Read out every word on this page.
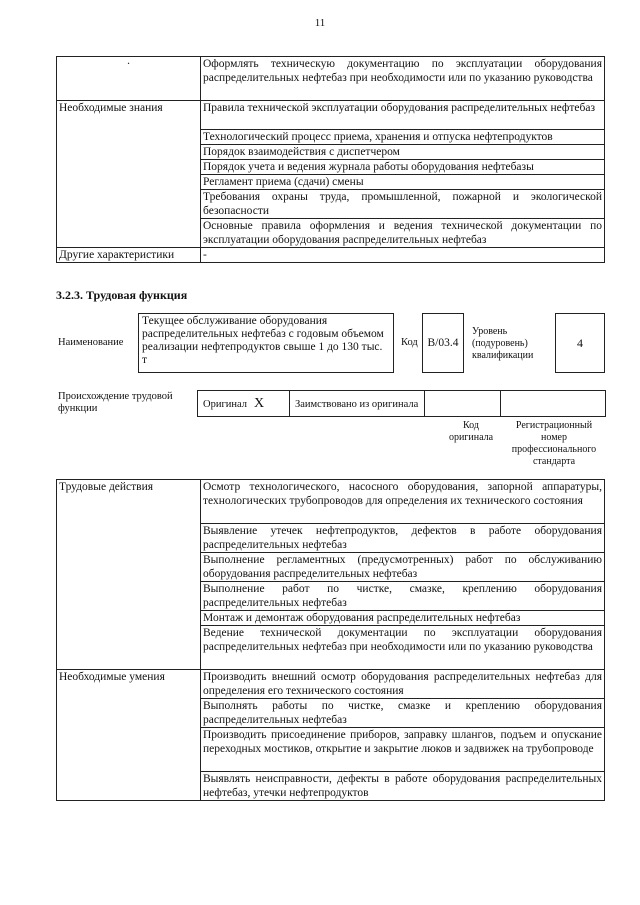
11
·	Оформлять техническую документацию по эксплуатации оборудования распределительных нефтебаз при необходимости или по указанию руководства
Необходимые знания	Правила технической эксплуатации оборудования распределительных нефтебаз
	Технологический процесс приема, хранения и отпуска нефтепродуктов
	Порядок взаимодействия с диспетчером
	Порядок учета и ведения журнала работы оборудования нефтебазы
	Регламент приема (сдачи) смены
	Требования охраны труда, промышленной, пожарной и экологической безопасности
	Основные правила оформления и ведения технической документации по эксплуатации оборудования распределительных нефтебаз
Другие характеристики	-
3.2.3. Трудовая функция
Наименование
Текущее обслуживание оборудования распределительных нефтебаз с годовым объемом реализации нефтепродуктов свыше 1 до 130 тыс. т
Код В/03.4
Уровень (подуровень) квалификации
4
Происхождение трудовой функции	Оригинал X	Заимствовано из оригинала
Код оригинала
Регистрационный номер профессионального стандарта
Трудовые действия	Осмотр технологического, насосного оборудования, запорной аппаратуры, технологических трубопроводов для определения их технического состояния
	Выявление утечек нефтепродуктов, дефектов в работе оборудования распределительных нефтебаз
	Выполнение регламентных (предусмотренных) работ по обслуживанию оборудования распределительных нефтебаз
	Выполнение работ по чистке, смазке, креплению оборудования распределительных нефтебаз
	Монтаж и демонтаж оборудования распределительных нефтебаз
	Ведение технической документации по эксплуатации оборудования распределительных нефтебаз при необходимости или по указанию руководства
Необходимые умения	Производить внешний осмотр оборудования распределительных нефтебаз для определения его технического состояния
	Выполнять работы по чистке, смазке и креплению оборудования распределительных нефтебаз
	Производить присоединение приборов, заправку шлангов, подъем и опускание переходных мостиков, открытие и закрытие люков и задвижек на трубопроводе
	Выявлять неисправности, дефекты в работе оборудования распределительных нефтебаз, утечки нефтепродуктов
